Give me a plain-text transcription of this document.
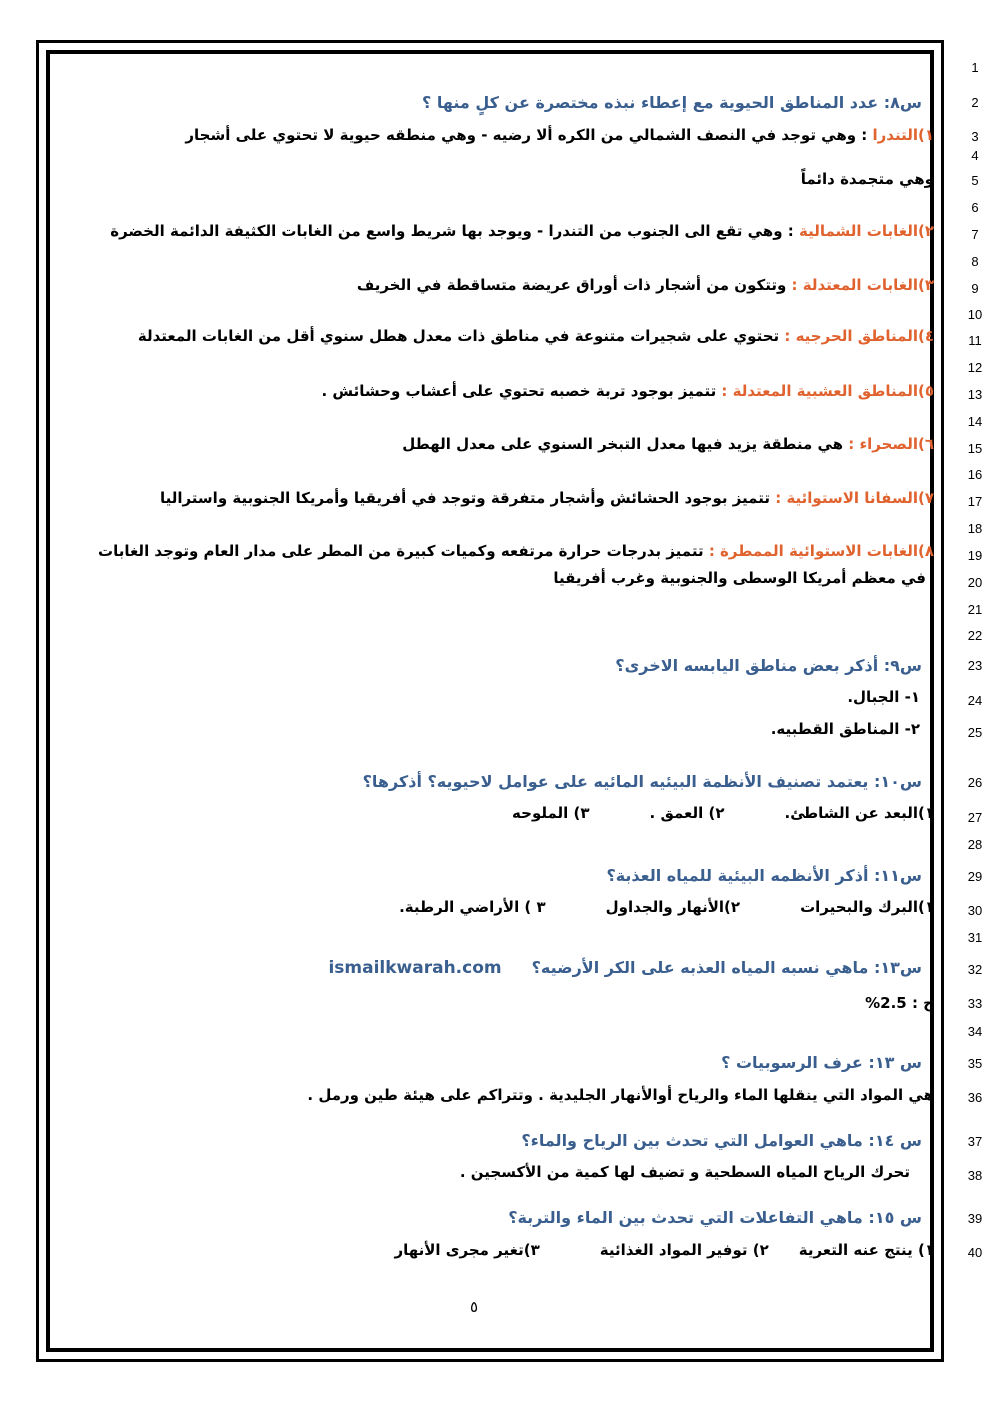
1
2
3
4
5
6
7
8
9
10
11
12
13
14
15
16
17
18
19
20
21
22
23
24
25
26
27
28
29
30
31
32
33
34
35
36
37
38
39
40
س٨: عدد المناطق الحيوية مع إعطاء نبذه مختصرة عن كلٍ منها ؟
١)التندرا : وهي توجد في النصف الشمالي من الكره ألا رضيه - وهي منطقه حيوية لا تحتوي على أشجار
وهي متجمدة دائماً
٢)الغابات الشمالية : وهي تقع الى الجنوب من التندرا - ويوجد بها شريط واسع من الغابات الكثيفة الدائمة الخضرة
٣)الغابات المعتدلة : وتتكون من أشجار ذات أوراق عريضة متساقطة في الخريف
٤)المناطق الحرجيه : تحتوي على شجيرات متنوعة في مناطق ذات معدل هطل سنوي أقل من الغابات المعتدلة
٥)المناطق العشبية المعتدلة : تتميز بوجود تربة خصبه تحتوي على أعشاب وحشائش .
٦)الصحراء : هي منطقة يزيد فيها معدل التبخر السنوي على معدل الهطل
٧)السفانا الاستوائية : تتميز بوجود الحشائش وأشجار متفرقة وتوجد في أفريقيا وأمريكا الجنوبية واستراليا
٨)الغابات الاستوائية الممطرة : تتميز بدرجات حرارة مرتفعه وكميات كبيرة من المطر على مدار العام وتوجد الغابات
في معظم أمريكا الوسطى والجنوبية وغرب أفريقيا
س٩: أذكر بعض مناطق اليابسه الاخرى؟
١- الجبال.
٢- المناطق القطبيه.
س١٠: يعتمد تصنيف الأنظمة البيئيه المائيه على عوامل لاحيويه؟ أذكرها؟
١)البعد عن الشاطئ.٢) العمق .٣) الملوحه
س١١: أذكر الأنظمه البيئية للمياه العذبة؟
١)البرك والبحيرات٢)الأنهار والجداول٣ ) الأراضي الرطبة.
س١٣: ماهي نسبه المياه العذبه على الكر الأرضيه؟ismailkwarah.com
ج : 2.5%
س ١٣: عرف الرسوبيات ؟
هي المواد التي ينقلها الماء والرياح أوالأنهار الجليدية . وتتراكم على هيئة طين ورمل .
س ١٤: ماهي العوامل التي تحدث بين الرياح والماء؟
تحرك الرياح المياه السطحية و تضيف لها كمية من الأكسجين .
س ١٥: ماهي التفاعلات التي تحدث بين الماء والتربة؟
١) ينتج عنه التعرية٢) توفير المواد الغذائية٣)تغير مجرى الأنهار
٥
